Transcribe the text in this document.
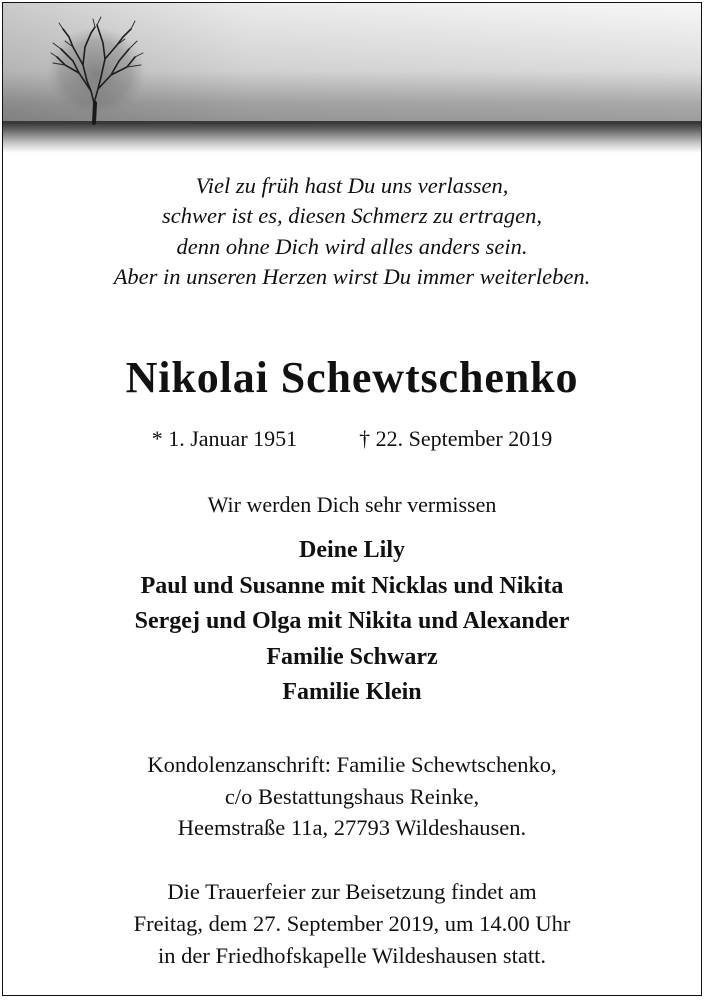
Viel zu früh hast Du uns verlassen,
schwer ist es, diesen Schmerz zu ertragen,
denn ohne Dich wird alles anders sein.
Aber in unseren Herzen wirst Du immer weiterleben.
Nikolai Schewtschenko
* 1. Januar 1951	† 22. September 2019
Wir werden Dich sehr vermissen
Deine Lily
Paul und Susanne mit Nicklas und Nikita
Sergej und Olga mit Nikita und Alexander
Familie Schwarz
Familie Klein
Kondolenzanschrift: Familie Schewtschenko,
c/o Bestattungshaus Reinke,
Heemstraße 11a, 27793 Wildeshausen.
Die Trauerfeier zur Beisetzung findet am
Freitag, dem 27. September 2019, um 14.00 Uhr
in der Friedhofskapelle Wildeshausen statt.
